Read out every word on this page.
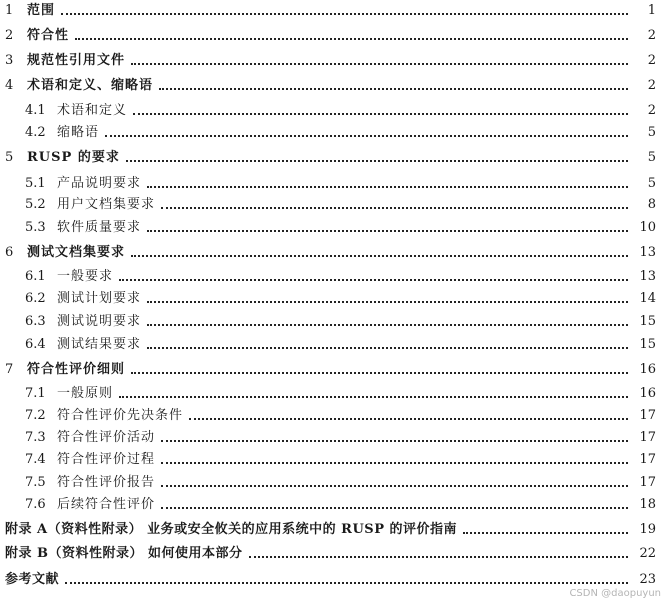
1	范围	1
2	符合性	2
3	规范性引用文件	2
4	术语和定义、缩略语	2
4.1 术语和定义	2
4.2 缩略语	5
5	RUSP 的要求	5
5.1 产品说明要求	5
5.2 用户文档集要求	8
5.3 软件质量要求	10
6	测试文档集要求	13
6.1 一般要求	13
6.2 测试计划要求	14
6.3 测试说明要求	15
6.4 测试结果要求	15
7	符合性评价细则	16
7.1 一般原则	16
7.2 符合性评价先决条件	17
7.3 符合性评价活动	17
7.4 符合性评价过程	17
7.5 符合性评价报告	17
7.6 后续符合性评价	18
附录 A（资料性附录） 业务或安全攸关的应用系统中的 RUSP 的评价指南	19
附录 B（资料性附录） 如何使用本部分	22
参考文献	23
CSDN @daopuyun
